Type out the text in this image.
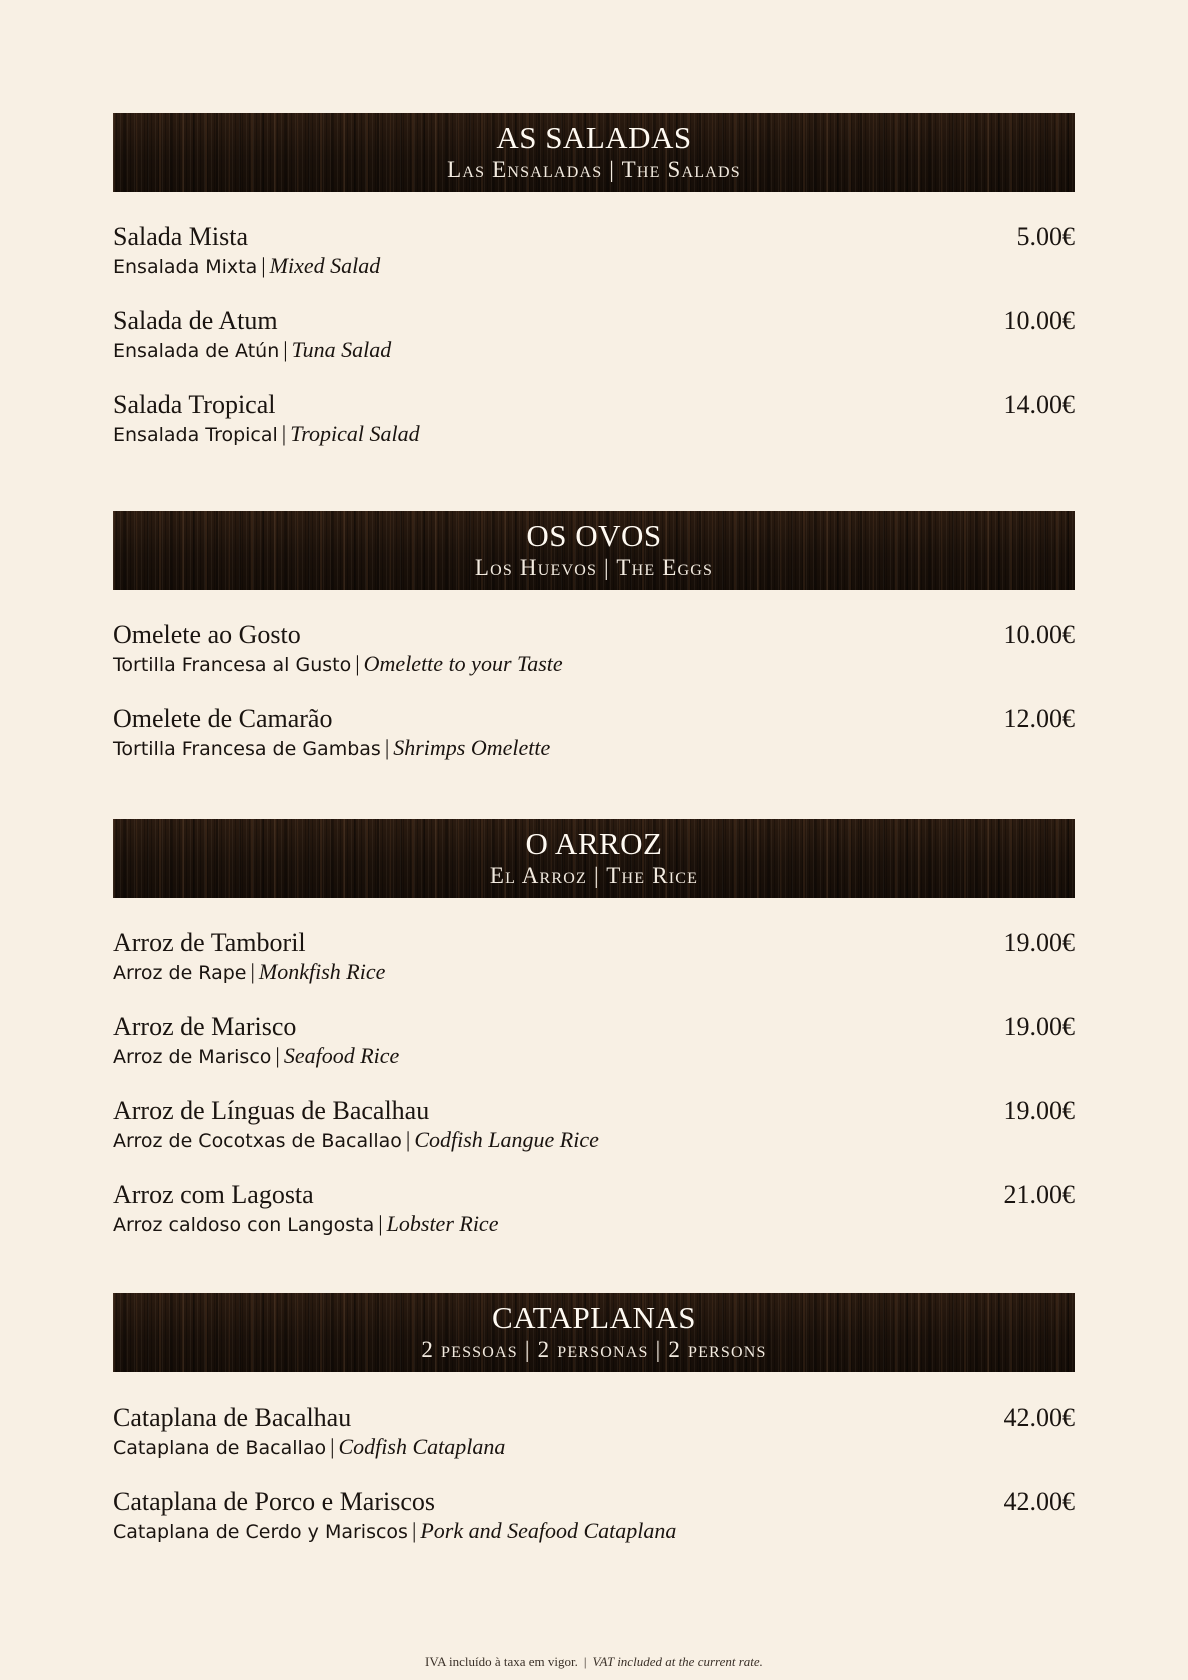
AS SALADAS
Las Ensaladas | The Salads
Salada Mista	5.00€
Ensalada Mixta | Mixed Salad
Salada de Atum	10.00€
Ensalada de Atún | Tuna Salad
Salada Tropical	14.00€
Ensalada Tropical | Tropical Salad
OS OVOS
Los Huevos | The Eggs
Omelete ao Gosto	10.00€
Tortilla Francesa al Gusto | Omelette to your Taste
Omelete de Camarão	12.00€
Tortilla Francesa de Gambas | Shrimps Omelette
O ARROZ
El Arroz | The Rice
Arroz de Tamboril	19.00€
Arroz de Rape | Monkfish Rice
Arroz de Marisco	19.00€
Arroz de Marisco | Seafood Rice
Arroz de Línguas de Bacalhau	19.00€
Arroz de Cocotxas de Bacallao | Codfish Langue Rice
Arroz com Lagosta	21.00€
Arroz caldoso con Langosta | Lobster Rice
CATAPLANAS
2 pessoas | 2 personas | 2 persons
Cataplana de Bacalhau	42.00€
Cataplana de Bacallao | Codfish Cataplana
Cataplana de Porco e Mariscos	42.00€
Cataplana de Cerdo y Mariscos | Pork and Seafood Cataplana
IVA incluído à taxa em vigor. | VAT included at the current rate.
